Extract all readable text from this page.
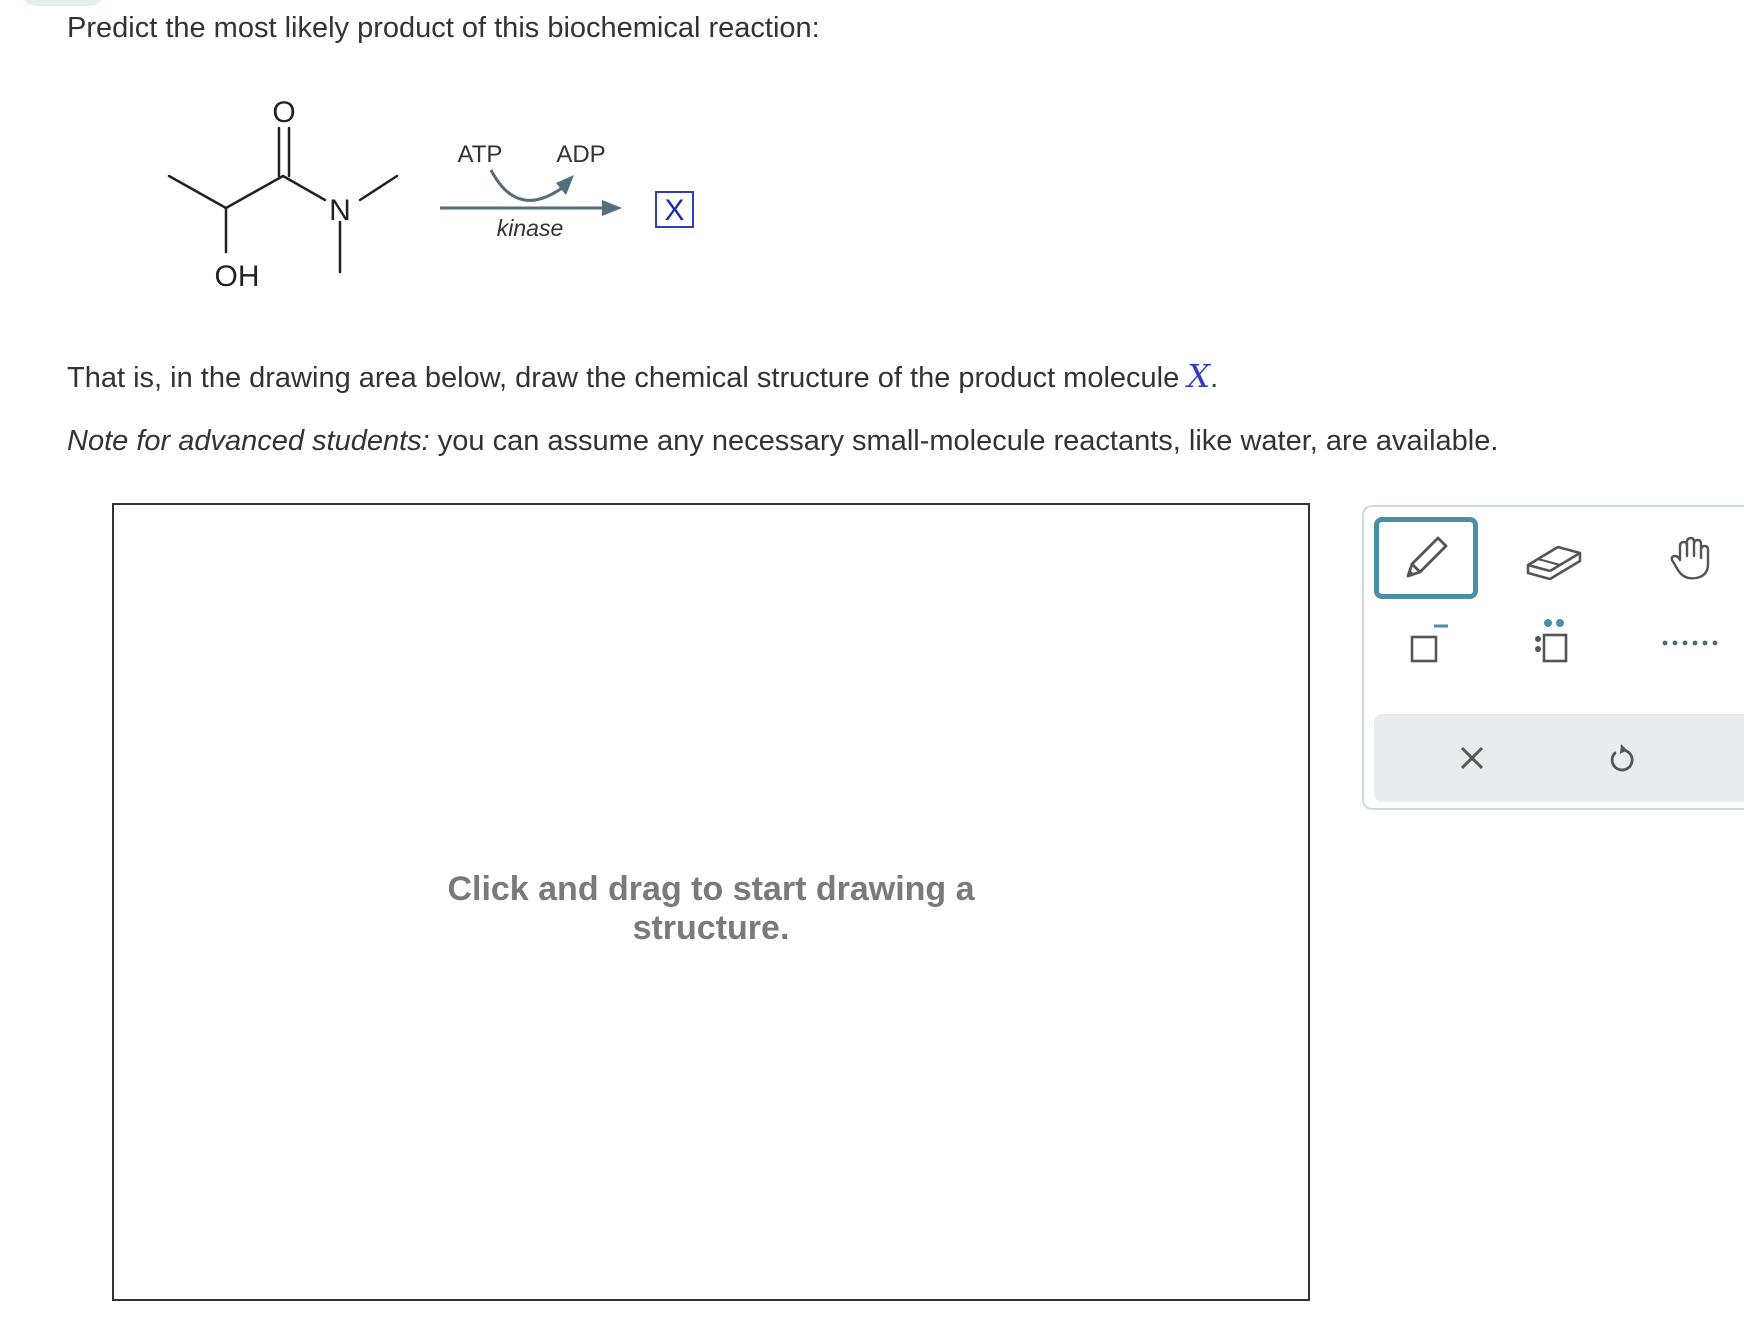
Predict the most likely product of this biochemical reaction:
O
N
OH
ATP ADP
kinase
X
That is, in the drawing area below, draw the chemical structure of the product molecule X.
Note for advanced students: you can assume any necessary small-molecule reactants, like water, are available.
Click and drag to start drawing a
structure.
